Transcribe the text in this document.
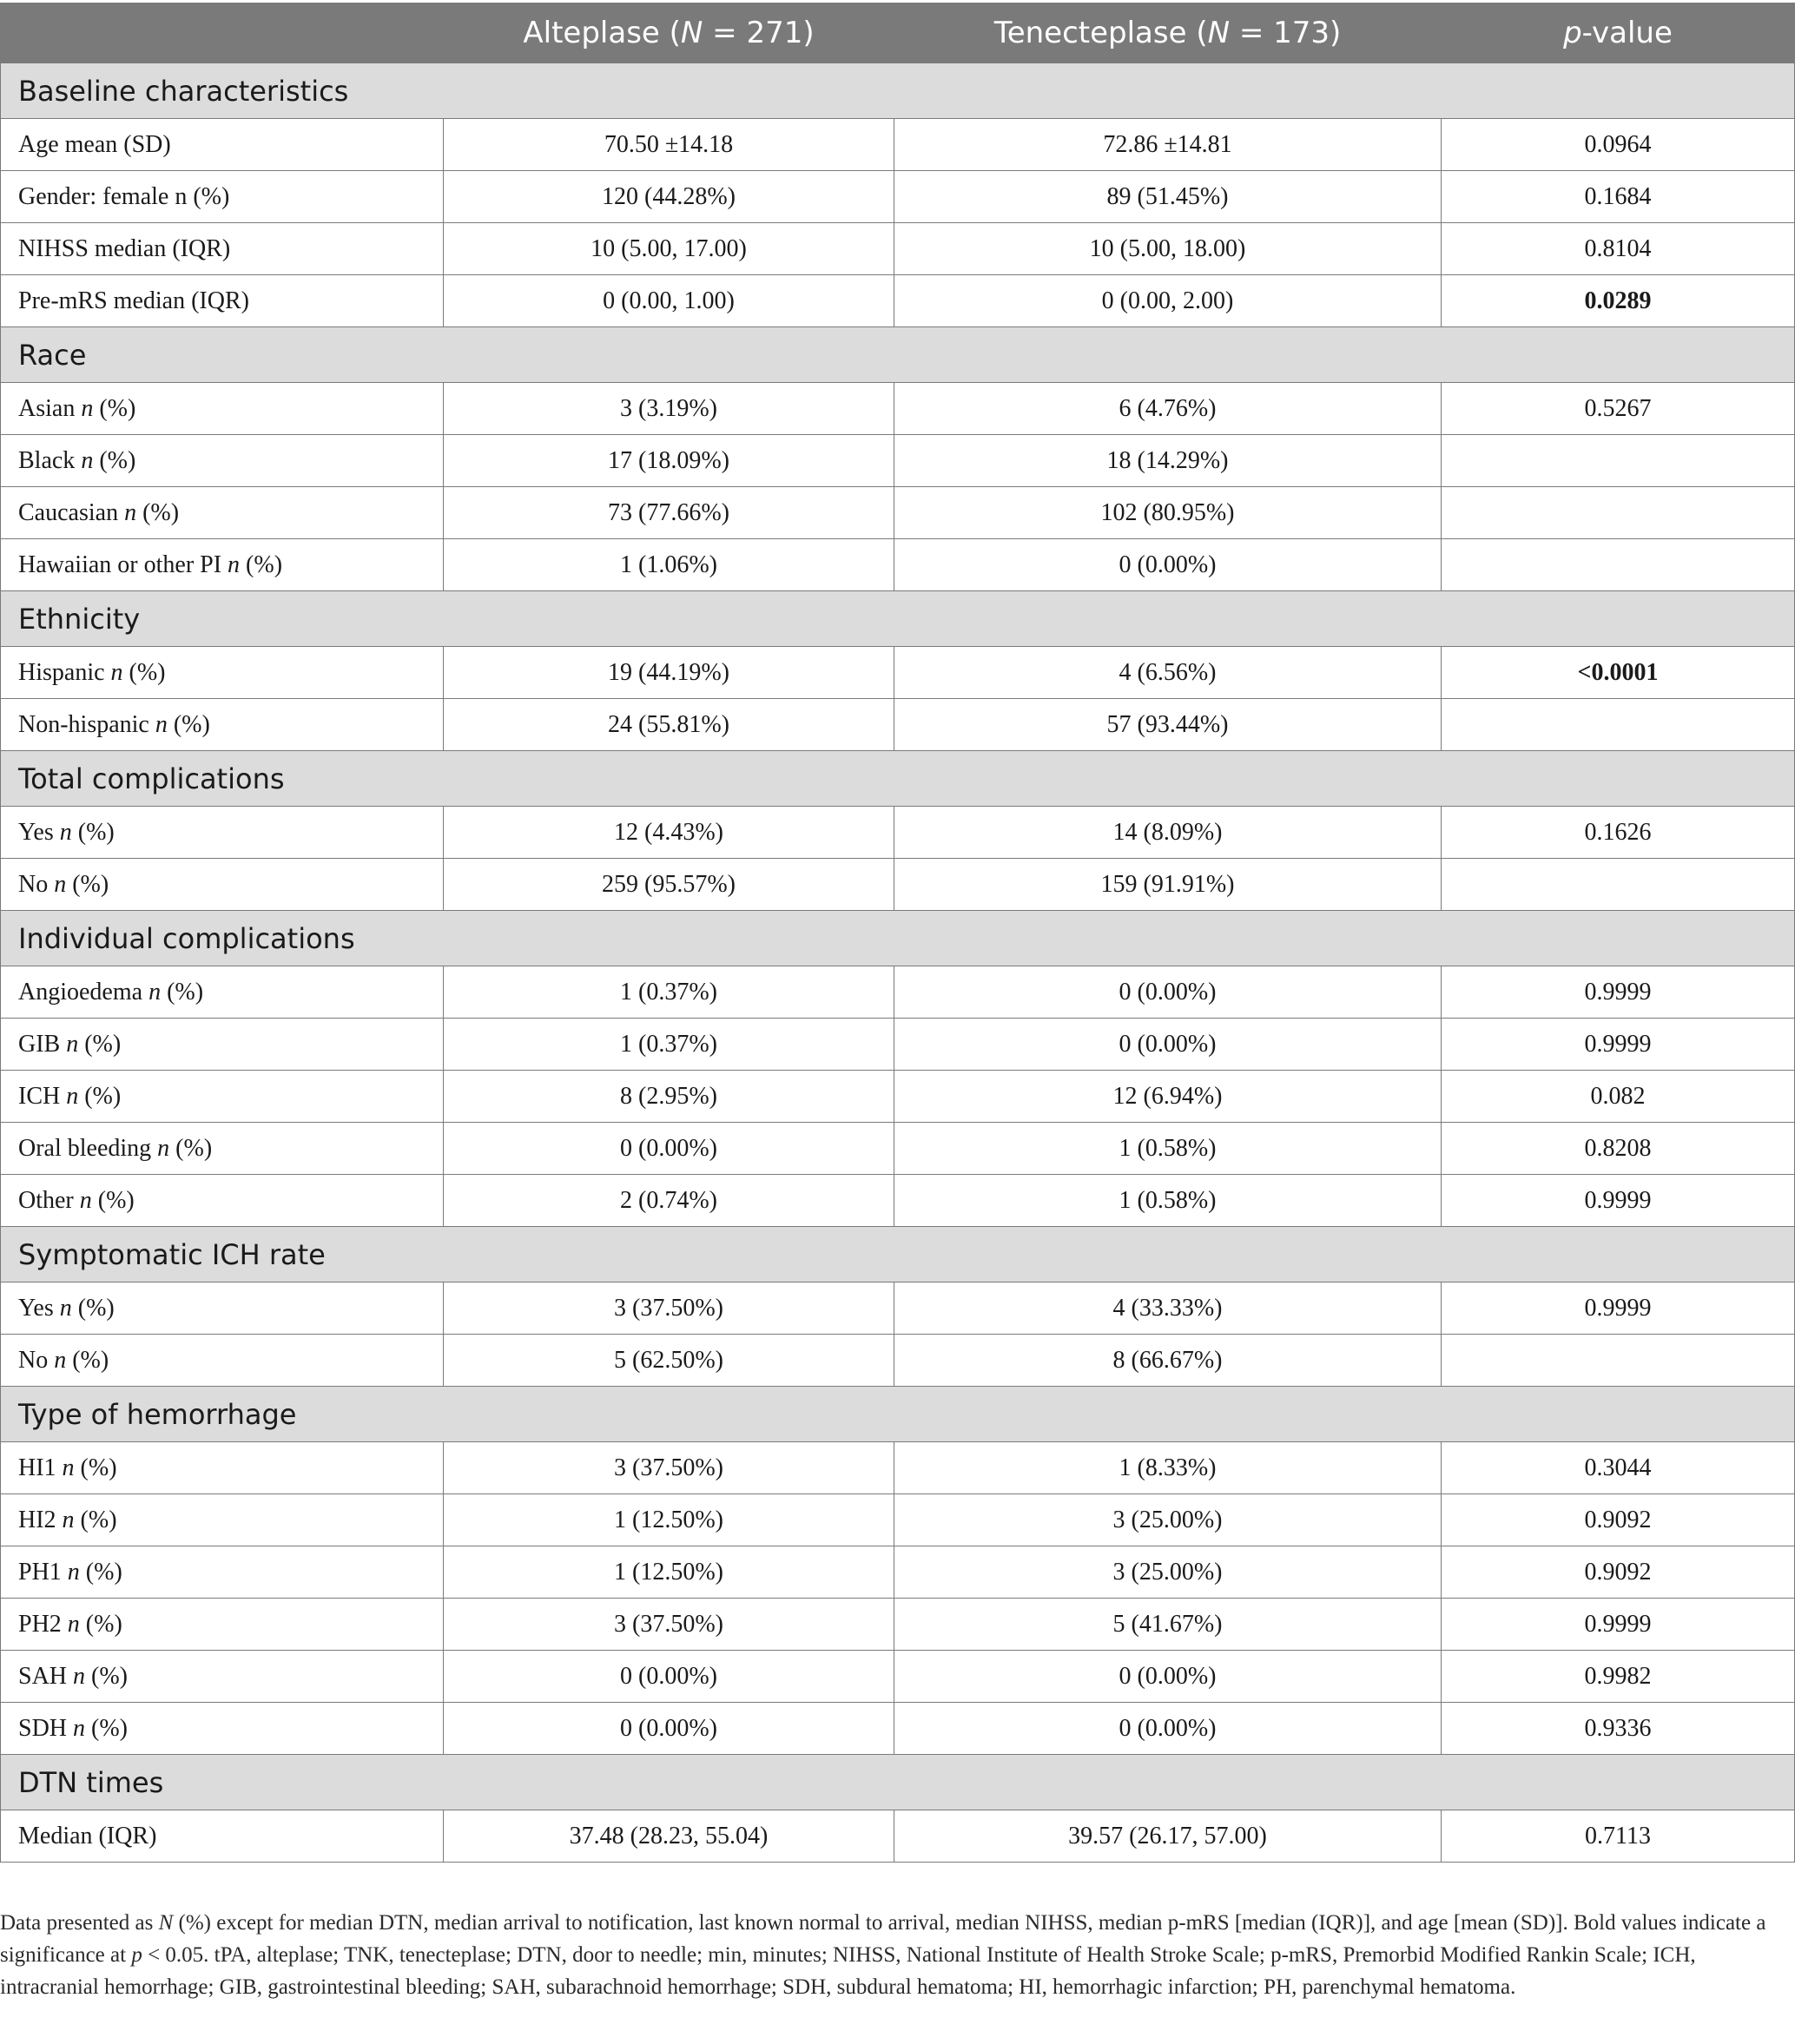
	Alteplase (N = 271)	Tenecteplase (N = 173)	p-value
Baseline characteristics			
Age mean (SD)	70.50 ±14.18	72.86 ±14.81	0.0964
Gender: female n (%)	120 (44.28%)	89 (51.45%)	0.1684
NIHSS median (IQR)	10 (5.00, 17.00)	10 (5.00, 18.00)	0.8104
Pre-mRS median (IQR)	0 (0.00, 1.00)	0 (0.00, 2.00)	0.0289
Race			
Asian n (%)	3 (3.19%)	6 (4.76%)	0.5267
Black n (%)	17 (18.09%)	18 (14.29%)	
Caucasian n (%)	73 (77.66%)	102 (80.95%)	
Hawaiian or other PI n (%)	1 (1.06%)	0 (0.00%)	
Ethnicity			
Hispanic n (%)	19 (44.19%)	4 (6.56%)	<0.0001
Non-hispanic n (%)	24 (55.81%)	57 (93.44%)	
Total complications			
Yes n (%)	12 (4.43%)	14 (8.09%)	0.1626
No n (%)	259 (95.57%)	159 (91.91%)	
Individual complications			
Angioedema n (%)	1 (0.37%)	0 (0.00%)	0.9999
GIB n (%)	1 (0.37%)	0 (0.00%)	0.9999
ICH n (%)	8 (2.95%)	12 (6.94%)	0.082
Oral bleeding n (%)	0 (0.00%)	1 (0.58%)	0.8208
Other n (%)	2 (0.74%)	1 (0.58%)	0.9999
Symptomatic ICH rate			
Yes n (%)	3 (37.50%)	4 (33.33%)	0.9999
No n (%)	5 (62.50%)	8 (66.67%)	
Type of hemorrhage			
HI1 n (%)	3 (37.50%)	1 (8.33%)	0.3044
HI2 n (%)	1 (12.50%)	3 (25.00%)	0.9092
PH1 n (%)	1 (12.50%)	3 (25.00%)	0.9092
PH2 n (%)	3 (37.50%)	5 (41.67%)	0.9999
SAH n (%)	0 (0.00%)	0 (0.00%)	0.9982
SDH n (%)	0 (0.00%)	0 (0.00%)	0.9336
DTN times			
Median (IQR)	37.48 (28.23, 55.04)	39.57 (26.17, 57.00)	0.7113
Data presented as N (%) except for median DTN, median arrival to notification, last known normal to arrival, median NIHSS, median p-mRS [median (IQR)], and age [mean (SD)]. Bold values indicate a significance at p < 0.05. tPA, alteplase; TNK, tenecteplase; DTN, door to needle; min, minutes; NIHSS, National Institute of Health Stroke Scale; p-mRS, Premorbid Modified Rankin Scale; ICH, intracranial hemorrhage; GIB, gastrointestinal bleeding; SAH, subarachnoid hemorrhage; SDH, subdural hematoma; HI, hemorrhagic infarction; PH, parenchymal hematoma.
